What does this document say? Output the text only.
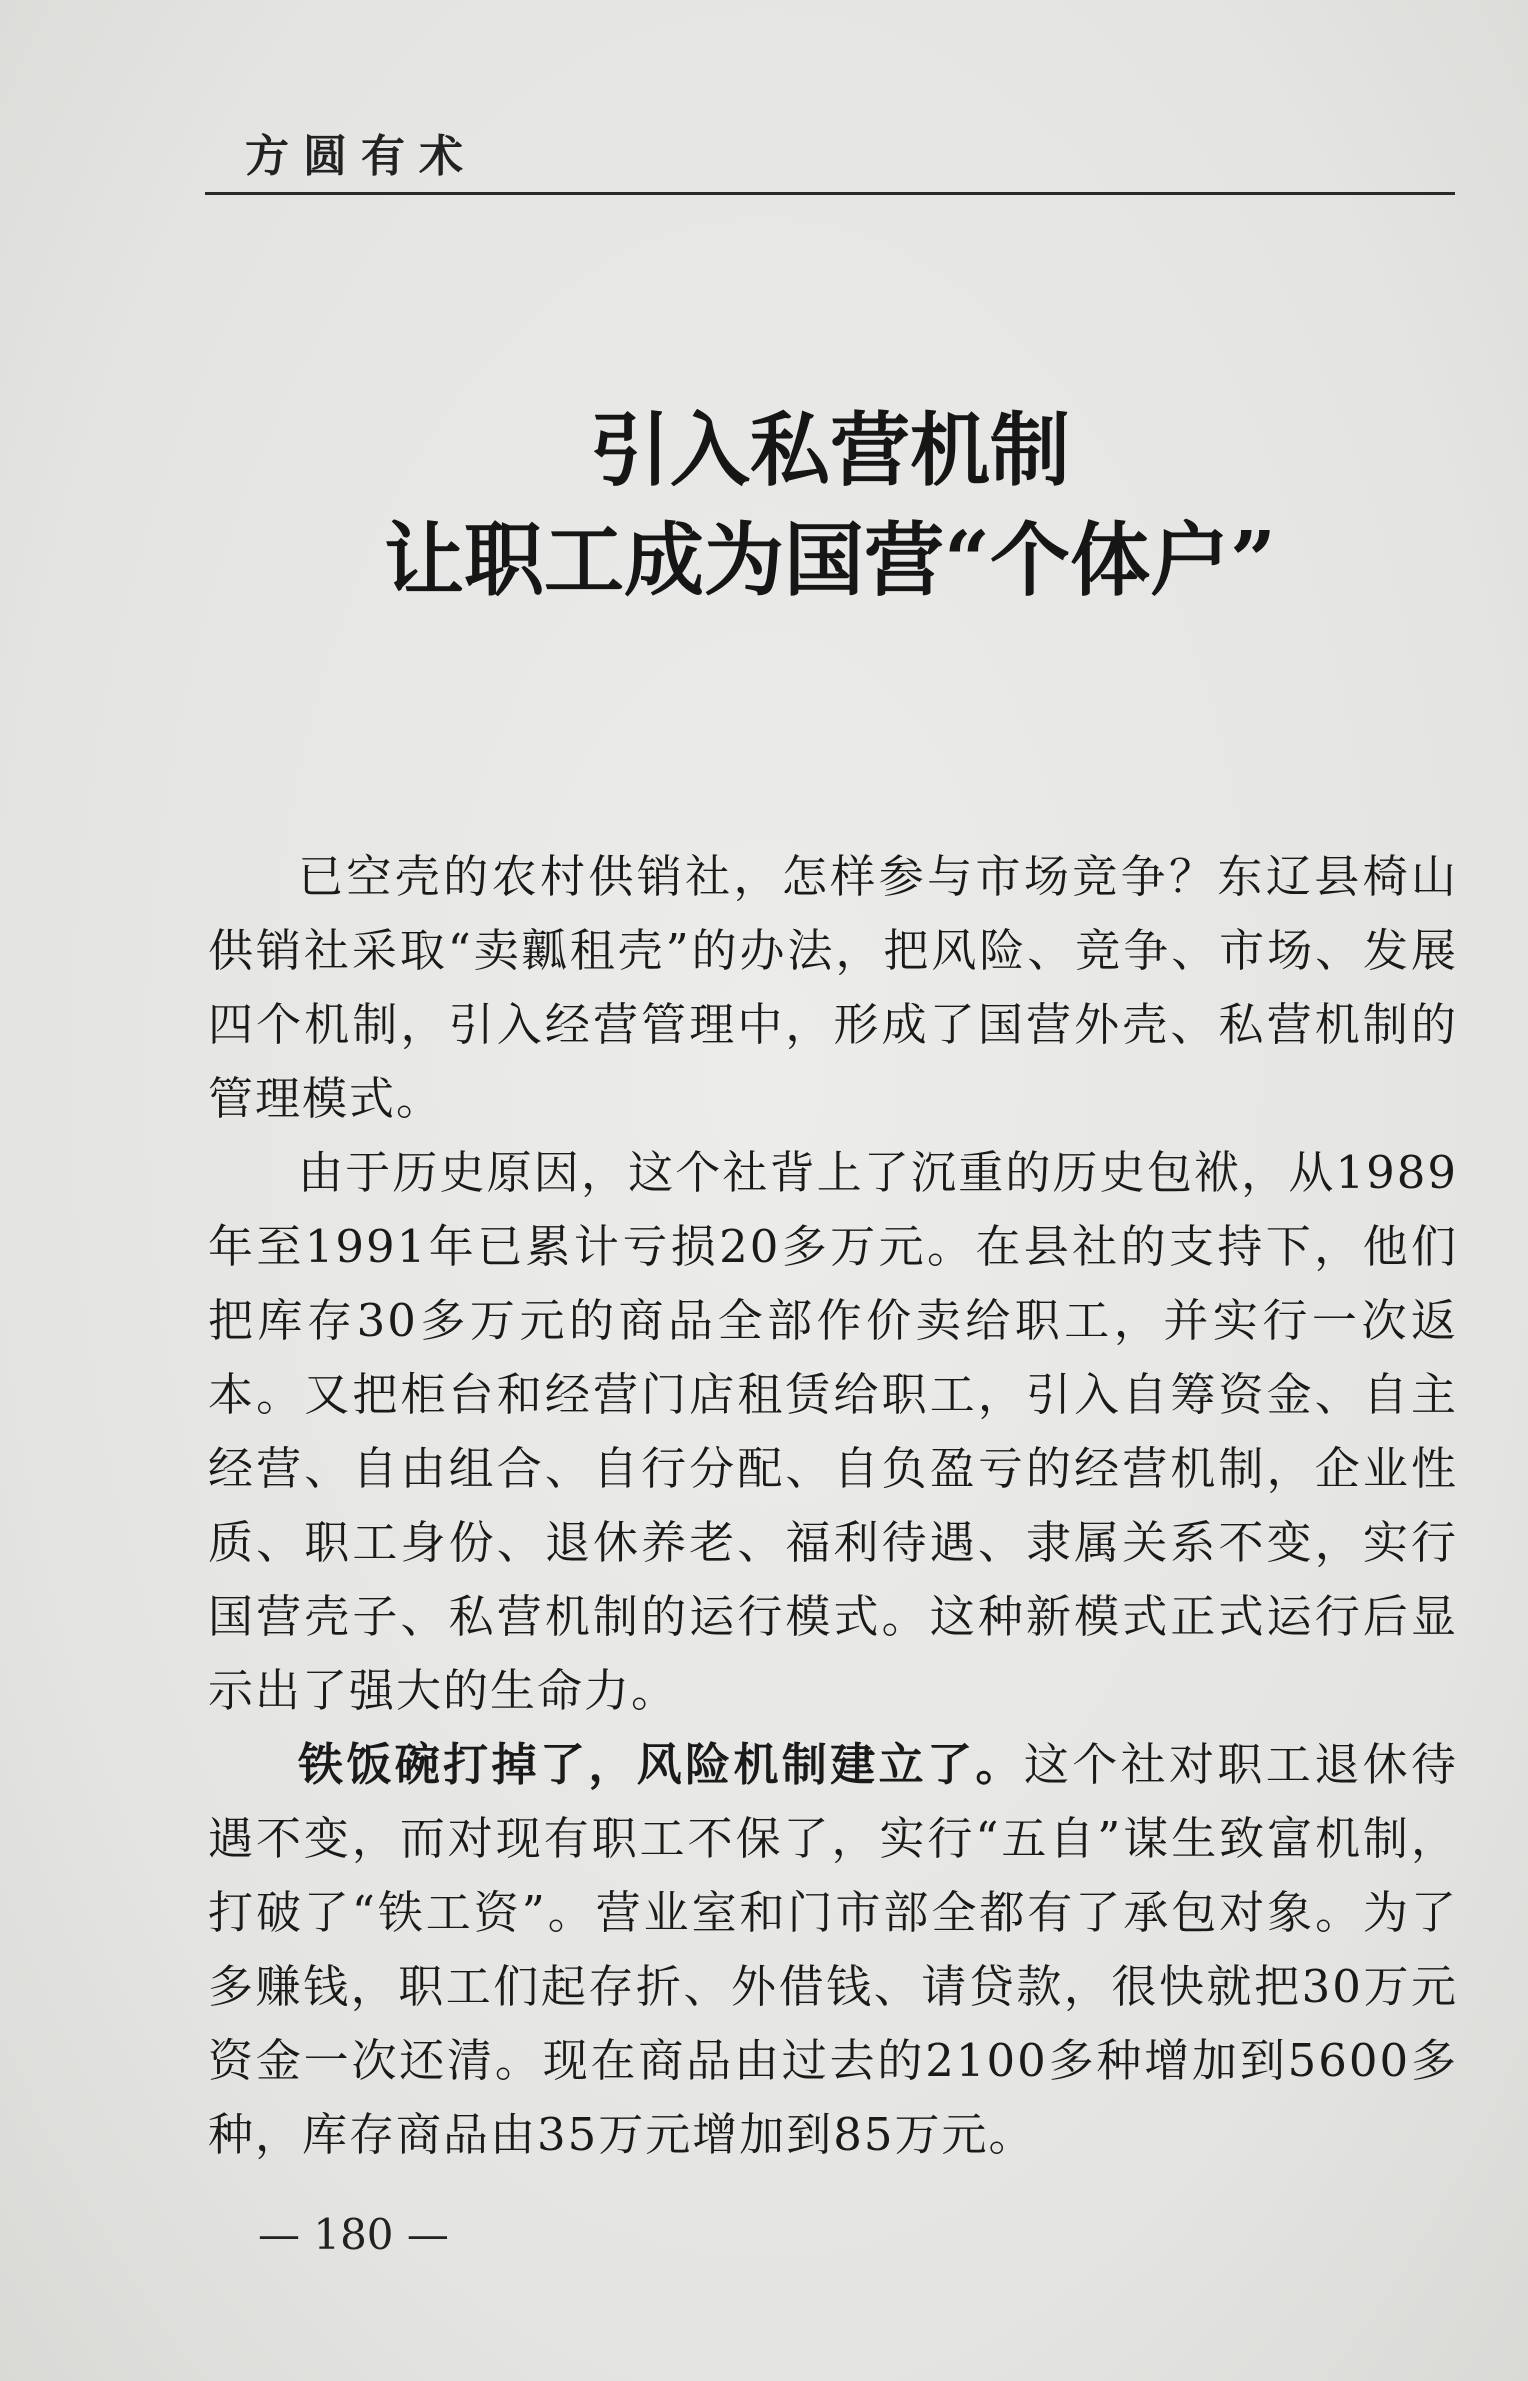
方圆有术
引入私营机制
让职工成为国营“个体户”

已空壳的农村供销社，怎样参与市场竞争？东辽县椅山供销社采取“卖瓤租壳”的办法，把风险、竞争、市场、发展四个机制，引入经营管理中，形成了国营外壳、私营机制的管理模式。

由于历史原因，这个社背上了沉重的历史包袱，从1989年至1991年已累计亏损20多万元。在县社的支持下，他们把库存30多万元的商品全部作价卖给职工，并实行一次返本。又把柜台和经营门店租赁给职工，引入自筹资金、自主经营、自由组合、自行分配、自负盈亏的经营机制，企业性质、职工身份、退休养老、福利待遇、隶属关系不变，实行国营壳子、私营机制的运行模式。这种新模式正式运行后显示出了强大的生命力。

铁饭碗打掉了，风险机制建立了。这个社对职工退休待遇不变，而对现有职工不保了，实行“五自”谋生致富机制，打破了“铁工资”。营业室和门市部全都有了承包对象。为了多赚钱，职工们起存折、外借钱、请贷款，很快就把30万元资金一次还清。现在商品由过去的2100多种增加到5600多种，库存商品由35万元增加到85万元。

— 180 —
